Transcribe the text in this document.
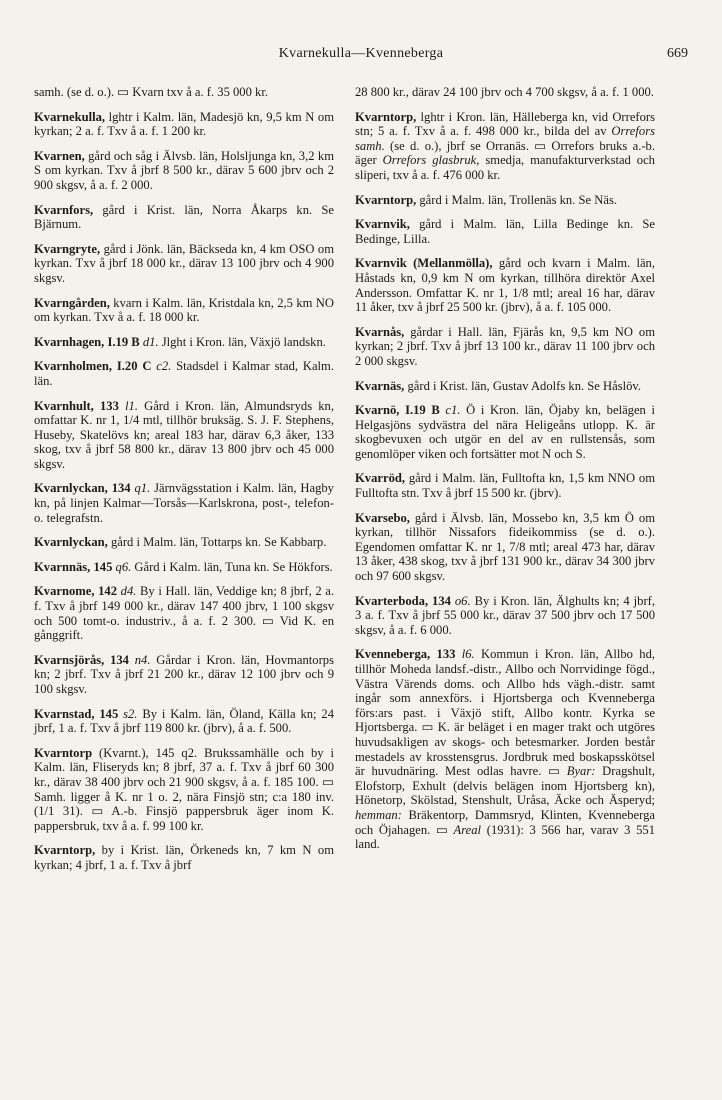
Kvarnekulla—Kvenneberga	669

samh. (se d. o.). ▭ Kvarn txv å a. f. 35 000 kr.

Kvarnekulla, lghtr i Kalm. län, Madesjö kn, 9,5 km N om kyrkan; 2 a. f. Txv å a. f. 1 200 kr.

Kvarnen, gård och såg i Älvsb. län, Holsljunga kn, 3,2 km S om kyrkan. Txv å jbrf 8 500 kr., därav 5 600 jbrv och 2 900 skgsv, å a. f. 2 000.

Kvarnfors, gård i Krist. län, Norra Åkarps kn. Se Bjärnum.

Kvarngryte, gård i Jönk. län, Bäckseda kn, 4 km OSO om kyrkan. Txv å jbrf 18 000 kr., därav 13 100 jbrv och 4 900 skgsv.

Kvarngården, kvarn i Kalm. län, Kristdala kn, 2,5 km NO om kyrkan. Txv å a. f. 18 000 kr.

Kvarnhagen, I.19 B d1. Jlght i Kron. län, Växjö landskn.

Kvarnholmen, I.20 C c2. Stadsdel i Kalmar stad, Kalm. län.

Kvarnhult, 133 l1. Gård i Kron. län, Almundsryds kn, omfattar K. nr 1, 1/4 mtl, tillhör bruksäg. S. J. F. Stephens, Huseby, Skatelövs kn; areal 183 har, därav 6,3 åker, 133 skog, txv å jbrf 58 800 kr., därav 13 800 jbrv och 45 000 skgsv.

Kvarnlyckan, 134 q1. Järnvägsstation i Kalm. län, Hagby kn, på linjen Kalmar—Torsås—Karlskrona, post-, telefon- o. telegrafstn.

Kvarnlyckan, gård i Malm. län, Tottarps kn. Se Kabbarp.

Kvarnnäs, 145 q6. Gård i Kalm. län, Tuna kn. Se Hökfors.

Kvarnome, 142 d4. By i Hall. län, Veddige kn; 8 jbrf, 2 a. f. Txv å jbrf 149 000 kr., därav 147 400 jbrv, 1 100 skgsv och 500 tomt-o. industriv., å a. f. 2 300. ▭ Vid K. en gånggrift.

Kvarnsjörås, 134 n4. Gårdar i Kron. län, Hovmantorps kn; 2 jbrf. Txv å jbrf 21 200 kr., därav 12 100 jbrv och 9 100 skgsv.

Kvarnstad, 145 s2. By i Kalm. län, Öland, Källa kn; 24 jbrf, 1 a. f. Txv å jbrf 119 800 kr. (jbrv), å a. f. 500.

Kvarntorp (Kvarnt.), 145 q2. Brukssamhälle och by i Kalm. län, Fliseryds kn; 8 jbrf, 37 a. f. Txv å jbrf 60 300 kr., därav 38 400 jbrv och 21 900 skgsv, å a. f. 185 100. ▭ Samh. ligger å K. nr 1 o. 2, nära Finsjö stn; c:a 180 inv. (1/1 31). ▭ A.-b. Finsjö pappersbruk äger inom K. pappersbruk, txv å a. f. 99 100 kr.

Kvarntorp, by i Krist. län, Örkeneds kn, 7 km N om kyrkan; 4 jbrf, 1 a. f. Txv å jbrf

28 800 kr., därav 24 100 jbrv och 4 700 skgsv, å a. f. 1 000.

Kvarntorp, lghtr i Kron. län, Hälleberga kn, vid Orrefors stn; 5 a. f. Txv å a. f. 498 000 kr., bilda del av Orrefors samh. (se d. o.), jbrf se Orranäs. ▭ Orrefors bruks a.-b. äger Orrefors glasbruk, smedja, manufakturverkstad och sliperi, txv å a. f. 476 000 kr.

Kvarntorp, gård i Malm. län, Trollenäs kn. Se Näs.

Kvarnvik, gård i Malm. län, Lilla Bedinge kn. Se Bedinge, Lilla.

Kvarnvik (Mellanmölla), gård och kvarn i Malm. län, Håstads kn, 0,9 km N om kyrkan, tillhöra direktör Axel Andersson. Omfattar K. nr 1, 1/8 mtl; areal 16 har, därav 11 åker, txv å jbrf 25 500 kr. (jbrv), å a. f. 105 000.

Kvarnås, gårdar i Hall. län, Fjärås kn, 9,5 km NO om kyrkan; 2 jbrf. Txv å jbrf 13 100 kr., därav 11 100 jbrv och 2 000 skgsv.

Kvarnäs, gård i Krist. län, Gustav Adolfs kn. Se Håslöv.

Kvarnö, I.19 B c1. Ö i Kron. län, Öjaby kn, belägen i Helgasjöns sydvästra del nära Heligeåns utlopp. K. är skogbevuxen och utgör en del av en rullstensås, som genomlöper viken och fortsätter mot N och S.

Kvarröd, gård i Malm. län, Fulltofta kn, 1,5 km NNO om Fulltofta stn. Txv å jbrf 15 500 kr. (jbrv).

Kvarsebo, gård i Älvsb. län, Mossebo kn, 3,5 km Ö om kyrkan, tillhör Nissafors fideikommiss (se d. o.). Egendomen omfattar K. nr 1, 7/8 mtl; areal 473 har, därav 13 åker, 438 skog, txv å jbrf 131 900 kr., därav 34 300 jbrv och 97 600 skgsv.

Kvarterboda, 134 o6. By i Kron. län, Älghults kn; 4 jbrf, 3 a. f. Txv å jbrf 55 000 kr., därav 37 500 jbrv och 17 500 skgsv, å a. f. 6 000.

Kvenneberga, 133 l6. Kommun i Kron. län, Allbo hd, tillhör Moheda landsf.-distr., Allbo och Norrvidinge fögd., Västra Värends doms. och Allbo hds vägh.-distr. samt ingår som annexförs. i Hjortsberga och Kvenneberga förs:ars past. i Växjö stift, Allbo kontr. Kyrka se Hjortsberga. ▭ K. är beläget i en mager trakt och utgöres huvudsakligen av skogs- och betesmarker. Jorden består mestadels av krosstensgrus. Jordbruk med boskapsskötsel är huvudnäring. Mest odlas havre. ▭ Byar: Dragshult, Elofstorp, Exhult (delvis belägen inom Hjortsberg kn), Hönetorp, Skölstad, Stenshult, Uråsa, Äcke och Äsperyd; hemman: Bräkentorp, Dammsryd, Klinten, Kvenneberga och Öjahagen. ▭ Areal (1931): 3 566 har, varav 3 551 land.
